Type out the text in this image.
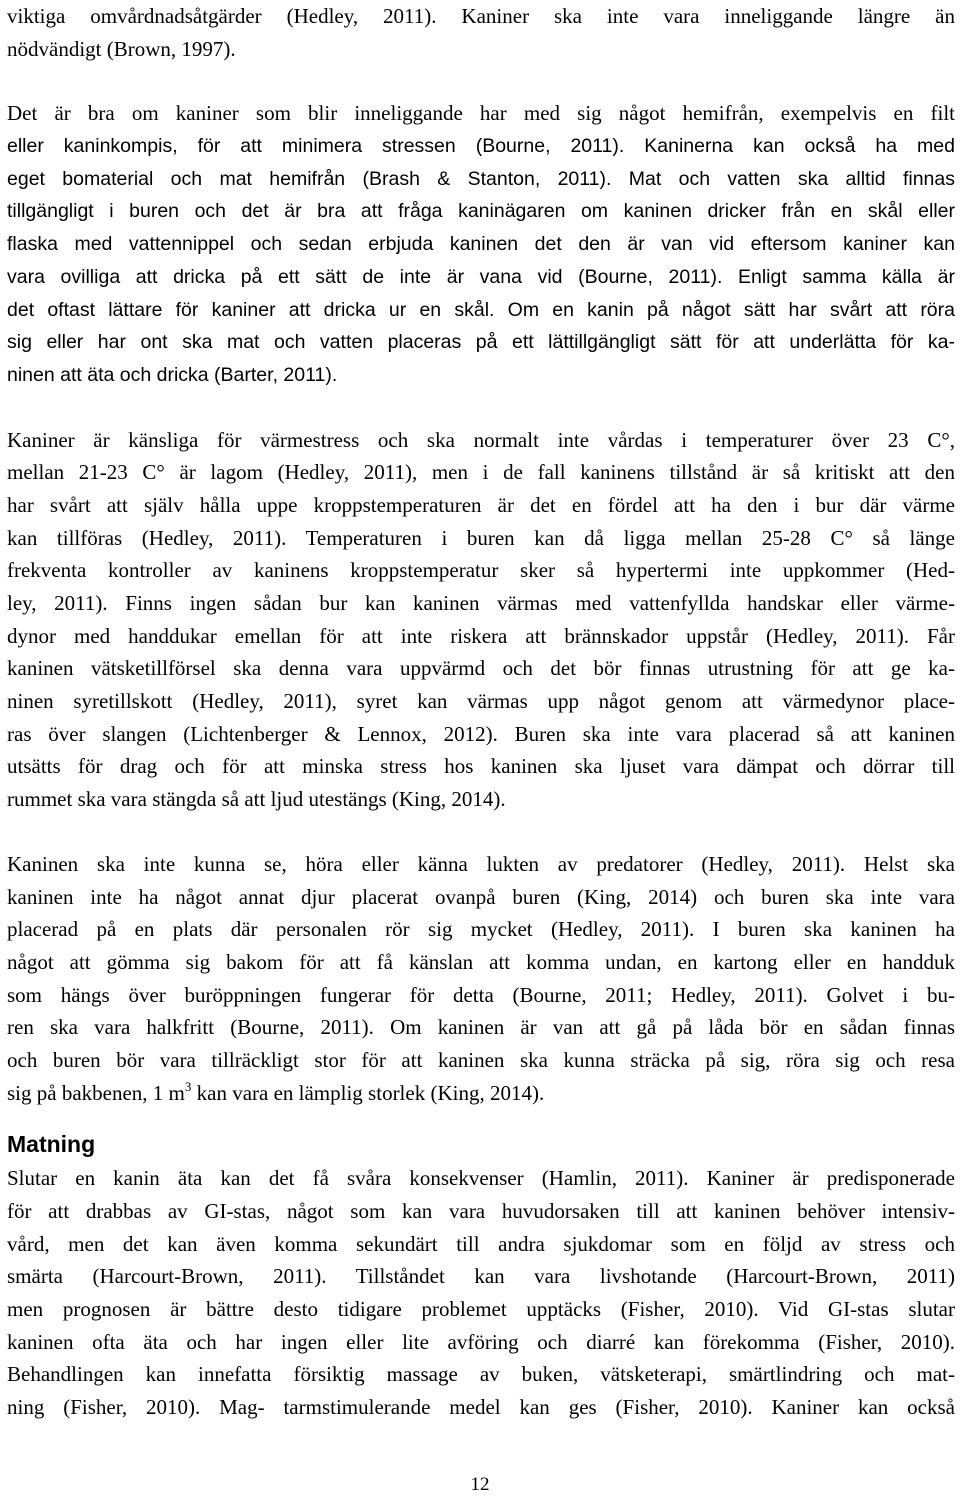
viktiga omvårdnadsåtgärder (Hedley, 2011). Kaniner ska inte vara inneliggande längre än
nödvändigt (Brown, 1997).
Det är bra om kaniner som blir inneliggande har med sig något hemifrån, exempelvis en filt
eller kaninkompis, för att minimera stressen (Bourne, 2011). Kaninerna kan också ha med
eget bomaterial och mat hemifrån (Brash & Stanton, 2011). Mat och vatten ska alltid finnas
tillgängligt i buren och det är bra att fråga kaninägaren om kaninen dricker från en skål eller
flaska med vattennippel och sedan erbjuda kaninen det den är van vid eftersom kaniner kan
vara ovilliga att dricka på ett sätt de inte är vana vid (Bourne, 2011). Enligt samma källa är
det oftast lättare för kaniner att dricka ur en skål. Om en kanin på något sätt har svårt att röra
sig eller har ont ska mat och vatten placeras på ett lättillgängligt sätt för att underlätta för ka-
ninen att äta och dricka (Barter, 2011).
Kaniner är känsliga för värmestress och ska normalt inte vårdas i temperaturer över 23 C°,
mellan 21-23 C° är lagom (Hedley, 2011), men i de fall kaninens tillstånd är så kritiskt att den
har svårt att själv hålla uppe kroppstemperaturen är det en fördel att ha den i bur där värme
kan tillföras (Hedley, 2011). Temperaturen i buren kan då ligga mellan 25-28 C° så länge
frekventa kontroller av kaninens kroppstemperatur sker så hypertermi inte uppkommer (Hed-
ley, 2011). Finns ingen sådan bur kan kaninen värmas med vattenfyllda handskar eller värme-
dynor med handdukar emellan för att inte riskera att brännskador uppstår (Hedley, 2011). Får
kaninen vätsketillförsel ska denna vara uppvärmd och det bör finnas utrustning för att ge ka-
ninen syretillskott (Hedley, 2011), syret kan värmas upp något genom att värmedynor place-
ras över slangen (Lichtenberger & Lennox, 2012). Buren ska inte vara placerad så att kaninen
utsätts för drag och för att minska stress hos kaninen ska ljuset vara dämpat och dörrar till
rummet ska vara stängda så att ljud utestängs (King, 2014).
Kaninen ska inte kunna se, höra eller känna lukten av predatorer (Hedley, 2011). Helst ska
kaninen inte ha något annat djur placerat ovanpå buren (King, 2014) och buren ska inte vara
placerad på en plats där personalen rör sig mycket (Hedley, 2011). I buren ska kaninen ha
något att gömma sig bakom för att få känslan att komma undan, en kartong eller en handduk
som hängs över buröppningen fungerar för detta (Bourne, 2011; Hedley, 2011). Golvet i bu-
ren ska vara halkfritt (Bourne, 2011). Om kaninen är van att gå på låda bör en sådan finnas
och buren bör vara tillräckligt stor för att kaninen ska kunna sträcka på sig, röra sig och resa
sig på bakbenen, 1 $m^3$ kan vara en lämplig storlek (King, 2014).
Matning
Slutar en kanin äta kan det få svåra konsekvenser (Hamlin, 2011). Kaniner är predisponerade
för att drabbas av GI-stas, något som kan vara huvudorsaken till att kaninen behöver intensiv-
vård, men det kan även komma sekundärt till andra sjukdomar som en följd av stress och
smärta (Harcourt-Brown, 2011). Tillståndet kan vara livshotande (Harcourt-Brown, 2011)
men prognosen är bättre desto tidigare problemet upptäcks (Fisher, 2010). Vid GI-stas slutar
kaninen ofta äta och har ingen eller lite avföring och diarré kan förekomma (Fisher, 2010).
Behandlingen kan innefatta försiktig massage av buken, vätsketerapi, smärtlindring och mat-
ning (Fisher, 2010). Mag- tarmstimulerande medel kan ges (Fisher, 2010). Kaniner kan också
12
